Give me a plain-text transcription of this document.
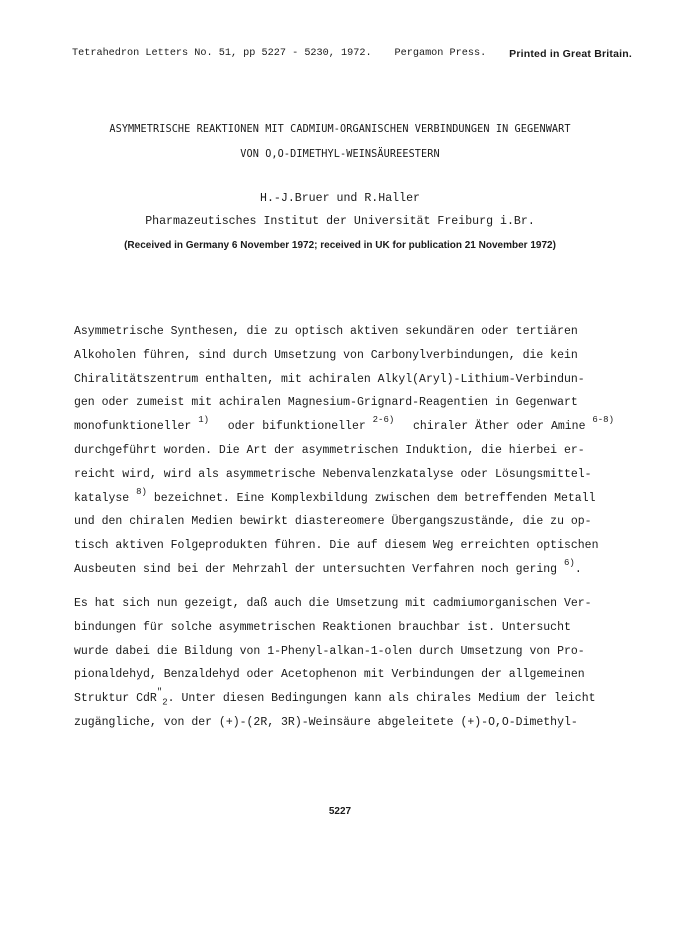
Tetrahedron Letters No. 51, pp 5227 - 5230, 1972. Pergamon Press. Printed in Great Britain.
ASYMMETRISCHE REAKTIONEN MIT CADMIUM-ORGANISCHEN VERBINDUNGEN IN GEGENWART
VON O,O-DIMETHYL-WEINSÄUREESTERN
H.-J.Bruer und R.Haller
Pharmazeutisches Institut der Universität Freiburg i.Br.
(Received in Germany 6 November 1972; received in UK for publication 21 November 1972)
Asymmetrische Synthesen, die zu optisch aktiven sekundären oder tertiären
Alkoholen führen, sind durch Umsetzung von Carbonylverbindungen, die kein
Chiralitätszentrum enthalten, mit achiralen Alkyl(Aryl)-Lithium-Verbindun-
gen oder zumeist mit achiralen Magnesium-Grignard-Reagentien in Gegenwart
monofunktioneller $^{1)}$ oder bifunktioneller $^{2-6)}$ chiraler Äther oder Amine $^{6-8)}$
durchgeführt worden. Die Art der asymmetrischen Induktion, die hierbei er-
reicht wird, wird als asymmetrische Nebenvalenzkatalyse oder Lösungsmittel-
katalyse $^{8)}$ bezeichnet. Eine Komplexbildung zwischen dem betreffenden Metall
und den chiralen Medien bewirkt diastereomere Übergangszustände, die zu op-
tisch aktiven Folgeprodukten führen. Die auf diesem Weg erreichten optischen
Ausbeuten sind bei der Mehrzahl der untersuchten Verfahren noch gering $^{6)}$.
Es hat sich nun gezeigt, daß auch die Umsetzung mit cadmiumorganischen Ver-
bindungen für solche asymmetrischen Reaktionen brauchbar ist. Untersucht
wurde dabei die Bildung von 1-Phenyl-alkan-1-olen durch Umsetzung von Pro-
pionaldehyd, Benzaldehyd oder Acetophenon mit Verbindungen der allgemeinen
Struktur CdR"$_2$. Unter diesen Bedingungen kann als chirales Medium der leicht
zugängliche, von der (+)-(2R, 3R)-Weinsäure abgeleitete (+)-O,O-Dimethyl-
5227
